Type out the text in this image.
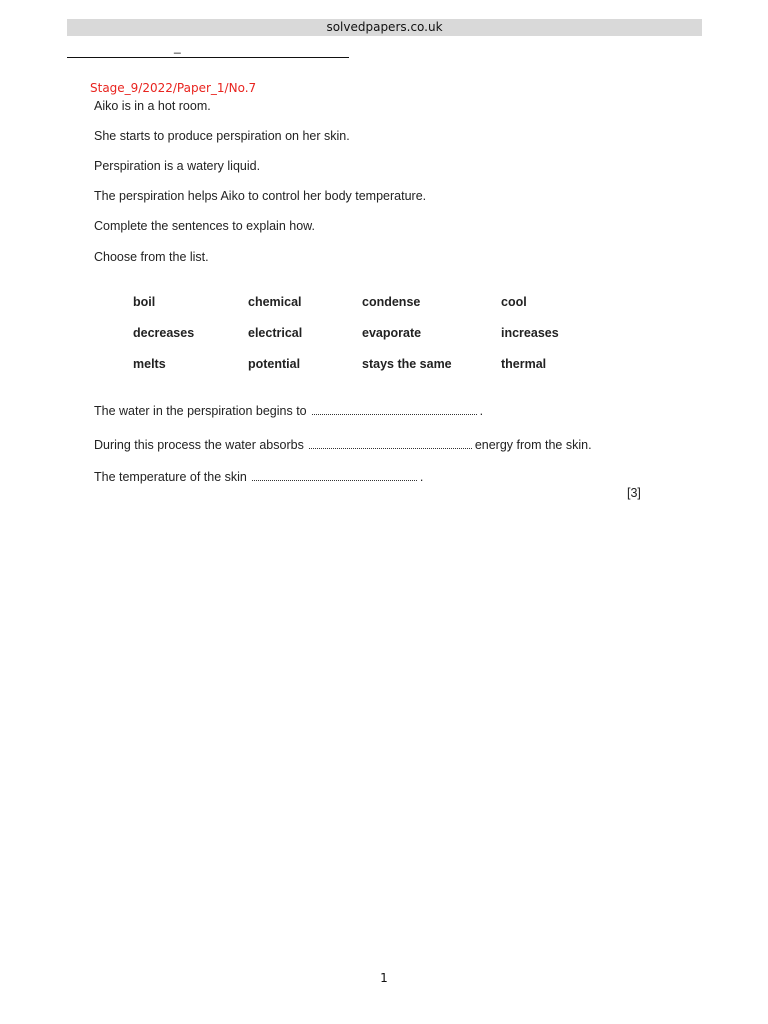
solvedpapers.co.uk
_
Stage_9/2022/Paper_1/No.7
Aiko is in a hot room.
She starts to produce perspiration on her skin.
Perspiration is a watery liquid.
The perspiration helps Aiko to control her body temperature.
Complete the sentences to explain how.
Choose from the list.
boil	chemical	condense	cool
decreases	electrical	evaporate	increases
melts	potential	stays the same	thermal
The water in the perspiration begins to	.
During this process the water absorbs	energy from the skin.
The temperature of the skin	.
[3]
1
